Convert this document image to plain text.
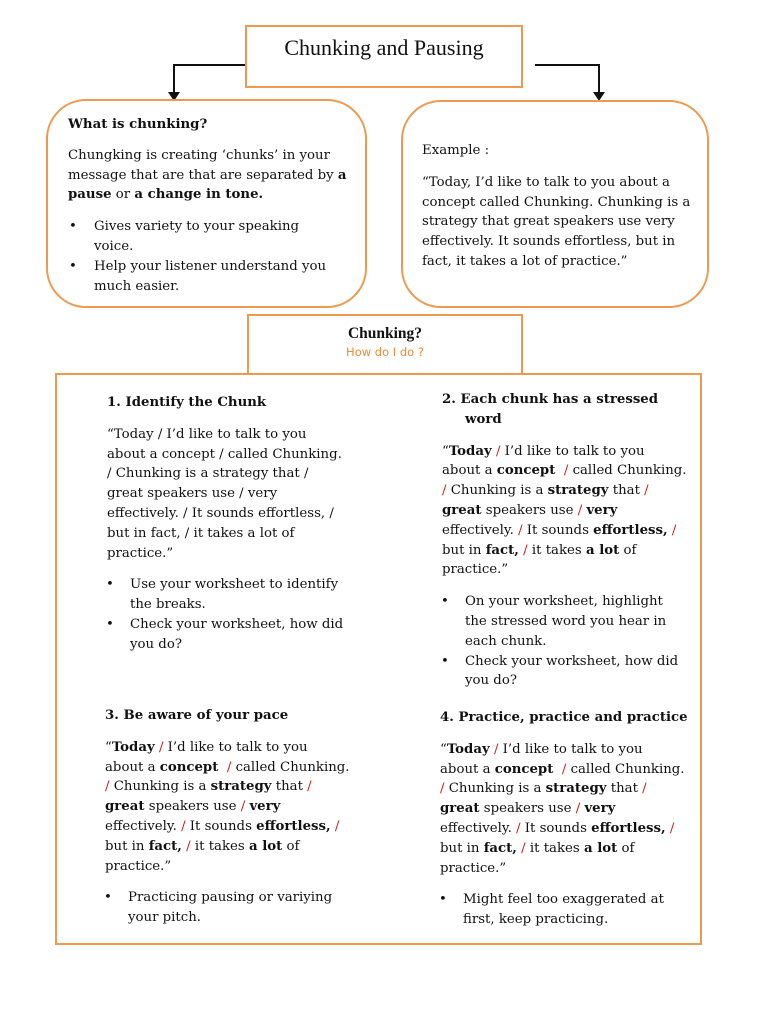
Chunking and Pausing
What is chunking?
Chungking is creating ‘chunks’ in your
message that are that are separated by a
pause or a change in tone.
• Gives variety to your speaking
voice.
• Help your listener understand you
much easier.
Example :
“Today, I’d like to talk to you about a
concept called Chunking. Chunking is a
strategy that great speakers use very
effectively. It sounds effortless, but in
fact, it takes a lot of practice.”
Chunking?
How do I do ?
1. Identify the Chunk
“Today / I’d like to talk to you
about a concept / called Chunking.
/ Chunking is a strategy that /
great speakers use / very
effectively. / It sounds effortless, /
but in fact, / it takes a lot of
practice.”
• Use your worksheet to identify
the breaks.
• Check your worksheet, how did
you do?
2. Each chunk has a stressed
word
“Today / I’d like to talk to you
about a concept / called Chunking.
/ Chunking is a strategy that /
great speakers use / very
effectively. / It sounds effortless, /
but in fact, / it takes a lot of
practice.”
• On your worksheet, highlight
the stressed word you hear in
each chunk.
• Check your worksheet, how did
you do?
3. Be aware of your pace
“Today / I’d like to talk to you
about a concept / called Chunking.
/ Chunking is a strategy that /
great speakers use / very
effectively. / It sounds effortless, /
but in fact, / it takes a lot of
practice.”
• Practicing pausing or variying
your pitch.
4. Practice, practice and practice
“Today / I’d like to talk to you
about a concept / called Chunking.
/ Chunking is a strategy that /
great speakers use / very
effectively. / It sounds effortless, /
but in fact, / it takes a lot of
practice.”
• Might feel too exaggerated at
first, keep practicing.
